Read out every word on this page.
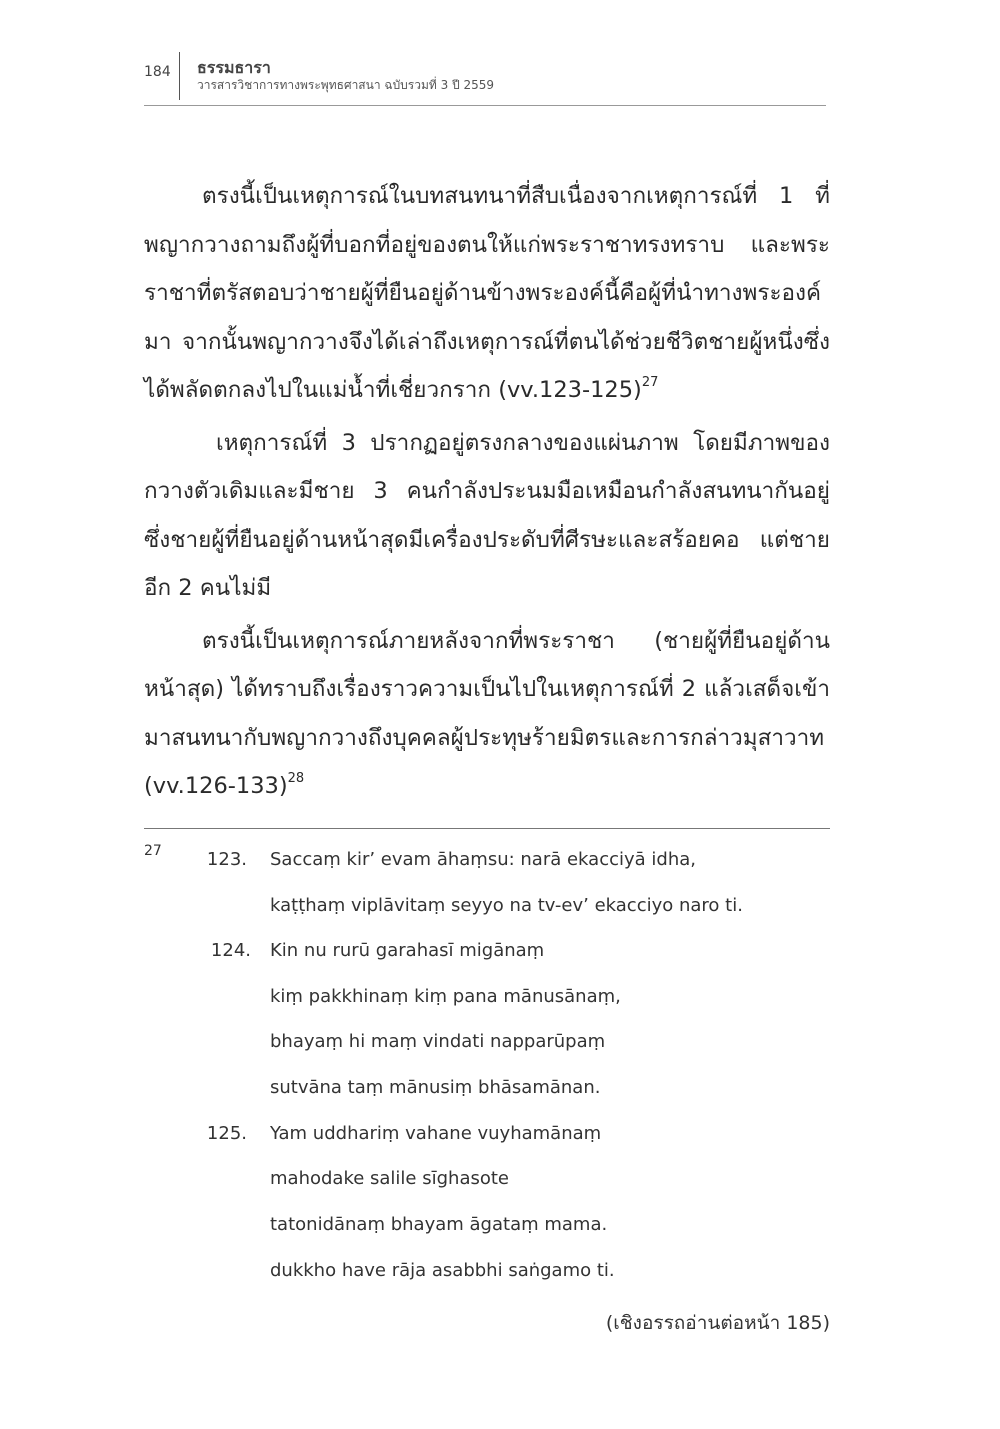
184 ธรรมธารา
วารสารวิชาการทางพระพุทธศาสนา ฉบับรวมที่ 3 ปี 2559

ตรงนี้เป็นเหตุการณ์ในบทสนทนาที่สืบเนื่องจากเหตุการณ์ที่ 1 ที่พญากวางถามถึงผู้ที่บอกที่อยู่ของตนให้แก่พระราชาทรงทราบ และพระราชาที่ตรัสตอบว่าชายผู้ที่ยืนอยู่ด้านข้างพระองค์นี้คือผู้ที่นำทางพระองค์มา จากนั้นพญากวางจึงได้เล่าถึงเหตุการณ์ที่ตนได้ช่วยชีวิตชายผู้หนึ่งซึ่งได้พลัดตกลงไปในแม่น้ำที่เชี่ยวกราก $(vv.123-125)^{27}$

เหตุการณ์ที่ 3 ปรากฏอยู่ตรงกลางของแผ่นภาพ โดยมีภาพของกวางตัวเดิมและมีชาย 3 คนกำลังประนมมือเหมือนกำลังสนทนากันอยู่ ซึ่งชายผู้ที่ยืนอยู่ด้านหน้าสุดมีเครื่องประดับที่ศีรษะและสร้อยคอ แต่ชายอีก 2 คนไม่มี

ตรงนี้เป็นเหตุการณ์ภายหลังจากที่พระราชา (ชายผู้ที่ยืนอยู่ด้านหน้าสุด) ได้ทราบถึงเรื่องราวความเป็นไปในเหตุการณ์ที่ 2 แล้วเสด็จเข้ามาสนทนากับพญากวางถึงบุคคลผู้ประทุษร้ายมิตรและการกล่าวมุสาวาท $(vv.126-133)^{28}$

27	123. Saccaṃ kir’ evam āhaṃsu: narā ekacciyā idha,
kaṭṭhaṃ viplāvitaṃ seyyo na tv-ev’ ekacciyo naro ti.
124. Kin nu rurū garahasī migānaṃ
kiṃ pakkhinaṃ kiṃ pana mānusānaṃ,
bhayaṃ hi maṃ vindati napparūpaṃ
sutvāna taṃ mānusiṃ bhāsamānan.
125. Yam uddhariṃ vahane vuyhamānaṃ
mahodake salile sīghasote
tatonidānaṃ bhayam āgataṃ mama.
dukkho have rāja asabbhi saṅgamo ti.
(เชิงอรรถอ่านต่อหน้า 185)
